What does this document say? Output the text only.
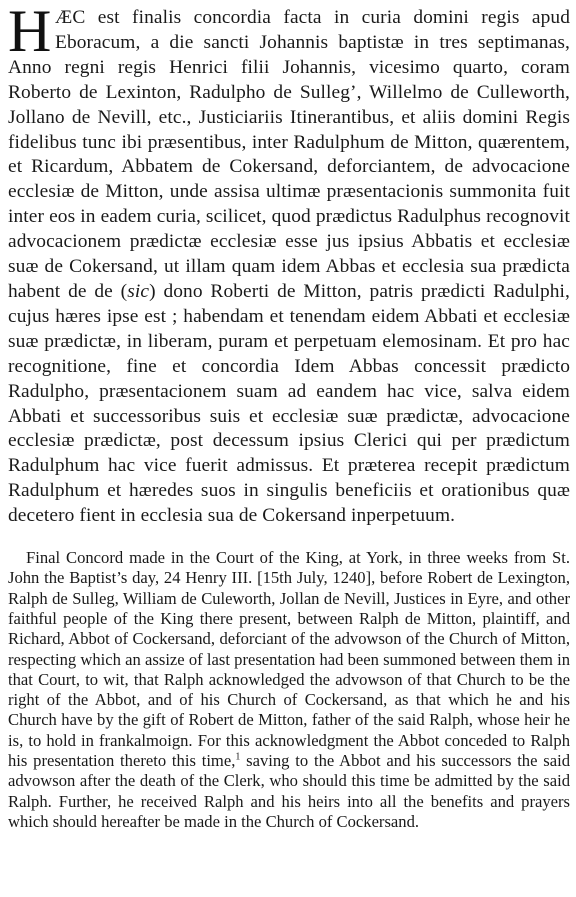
H ÆC est finalis concordia facta in curia domini regis apud Eboracum, a die sancti Johannis baptistæ in tres septimanas, Anno regni regis Henrici filii Johannis, vicesimo quarto, coram Roberto de Lexinton, Radulpho de Sulleg’, Willelmo de Culleworth, Jollano de Nevill, etc., Justiciariis Itinerantibus, et aliis domini Regis fidelibus tunc ibi præsentibus, inter Radulphum de Mitton, quærentem, et Ricardum, Abbatem de Cokersand, deforciantem, de advocacione ecclesiæ de Mitton, unde assisa ultimæ præsentacionis summonita fuit inter eos in eadem curia, scilicet, quod prædictus Radulphus recognovit advocacionem prædictæ ecclesiæ esse jus ipsius Abbatis et ecclesiæ suæ de Cokersand, ut illam quam idem Abbas et ecclesia sua prædicta habent de de (sic) dono Roberti de Mitton, patris prædicti Radulphi, cujus hæres ipse est ; habendam et tenendam eidem Abbati et ecclesiæ suæ prædictæ, in liberam, puram et perpetuam elemosinam. Et pro hac recognitione, fine et concordia Idem Abbas concessit prædicto Radulpho, præsentacionem suam ad eandem hac vice, salva eidem Abbati et successoribus suis et ecclesiæ suæ prædictæ, advocacione ecclesiæ prædictæ, post decessum ipsius Clerici qui per prædictum Radulphum hac vice fuerit admissus. Et præterea recepit prædictum Radulphum et hæredes suos in singulis beneficiis et orationibus quæ decetero fient in ecclesia sua de Cokersand inperpetuum.

Final Concord made in the Court of the King, at York, in three weeks from St. John the Baptist’s day, 24 Henry III. [15th July, 1240], before Robert de Lexington, Ralph de Sulleg, William de Culeworth, Jollan de Nevill, Justices in Eyre, and other faithful people of the King there present, between Ralph de Mitton, plaintiff, and Richard, Abbot of Cockersand, deforciant of the advowson of the Church of Mitton, respecting which an assize of last presentation had been summoned between them in that Court, to wit, that Ralph acknowledged the advowson of that Church to be the right of the Abbot, and of his Church of Cockersand, as that which he and his Church have by the gift of Robert de Mitton, father of the said Ralph, whose heir he is, to hold in frankalmoign. For this acknowledgment the Abbot conceded to Ralph his presentation thereto this time,$^1$ saving to the Abbot and his successors the said advowson after the death of the Clerk, who should this time be admitted by the said Ralph. Further, he received Ralph and his heirs into all the benefits and prayers which should hereafter be made in the Church of Cockersand.
